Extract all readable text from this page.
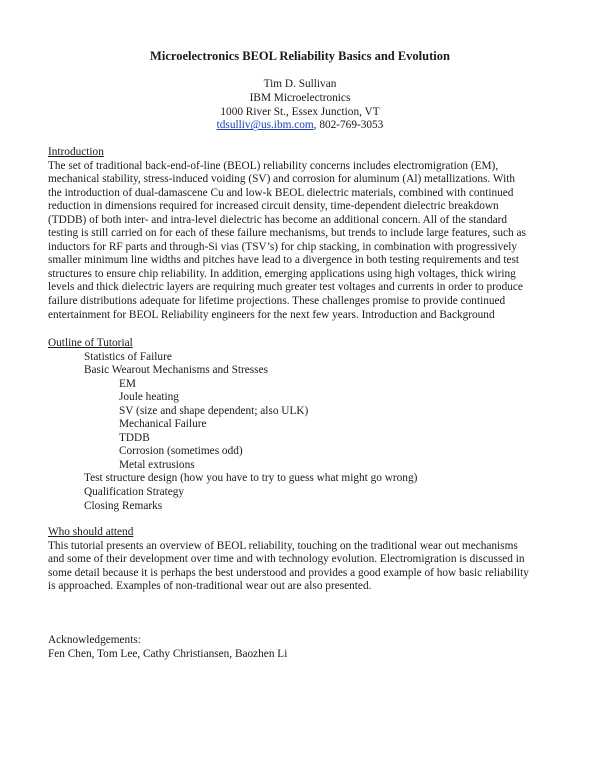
Microelectronics BEOL Reliability Basics and Evolution
Tim D. Sullivan
IBM Microelectronics
1000 River St., Essex Junction, VT
tdsulliv@us.ibm.com, 802-769-3053
Introduction

The set of traditional back-end-of-line (BEOL) reliability concerns includes electromigration (EM),
mechanical stability, stress-induced voiding (SV) and corrosion for aluminum (Al) metallizations. With
the introduction of dual-damascene Cu and low-k BEOL dielectric materials, combined with continued
reduction in dimensions required for increased circuit density, time-dependent dielectric breakdown
(TDDB) of both inter- and intra-level dielectric has become an additional concern. All of the standard
testing is still carried on for each of these failure mechanisms, but trends to include large features, such as
inductors for RF parts and through-Si vias (TSV’s) for chip stacking, in combination with progressively
smaller minimum line widths and pitches have lead to a divergence in both testing requirements and test
structures to ensure chip reliability. In addition, emerging applications using high voltages, thick wiring
levels and thick dielectric layers are requiring much greater test voltages and currents in order to produce
failure distributions adequate for lifetime projections. These challenges promise to provide continued
entertainment for BEOL Reliability engineers for the next few years. Introduction and Background

Outline of Tutorial
Statistics of Failure
Basic Wearout Mechanisms and Stresses
EM
Joule heating
SV (size and shape dependent; also ULK)
Mechanical Failure
TDDB
Corrosion (sometimes odd)
Metal extrusions
Test structure design (how you have to try to guess what might go wrong)
Qualification Strategy
Closing Remarks
Who should attend

This tutorial presents an overview of BEOL reliability, touching on the traditional wear out mechanisms
and some of their development over time and with technology evolution. Electromigration is discussed in
some detail because it is perhaps the best understood and provides a good example of how basic reliability
is approached. Examples of non-traditional wear out are also presented.

Acknowledgements:
Fen Chen, Tom Lee, Cathy Christiansen, Baozhen Li
